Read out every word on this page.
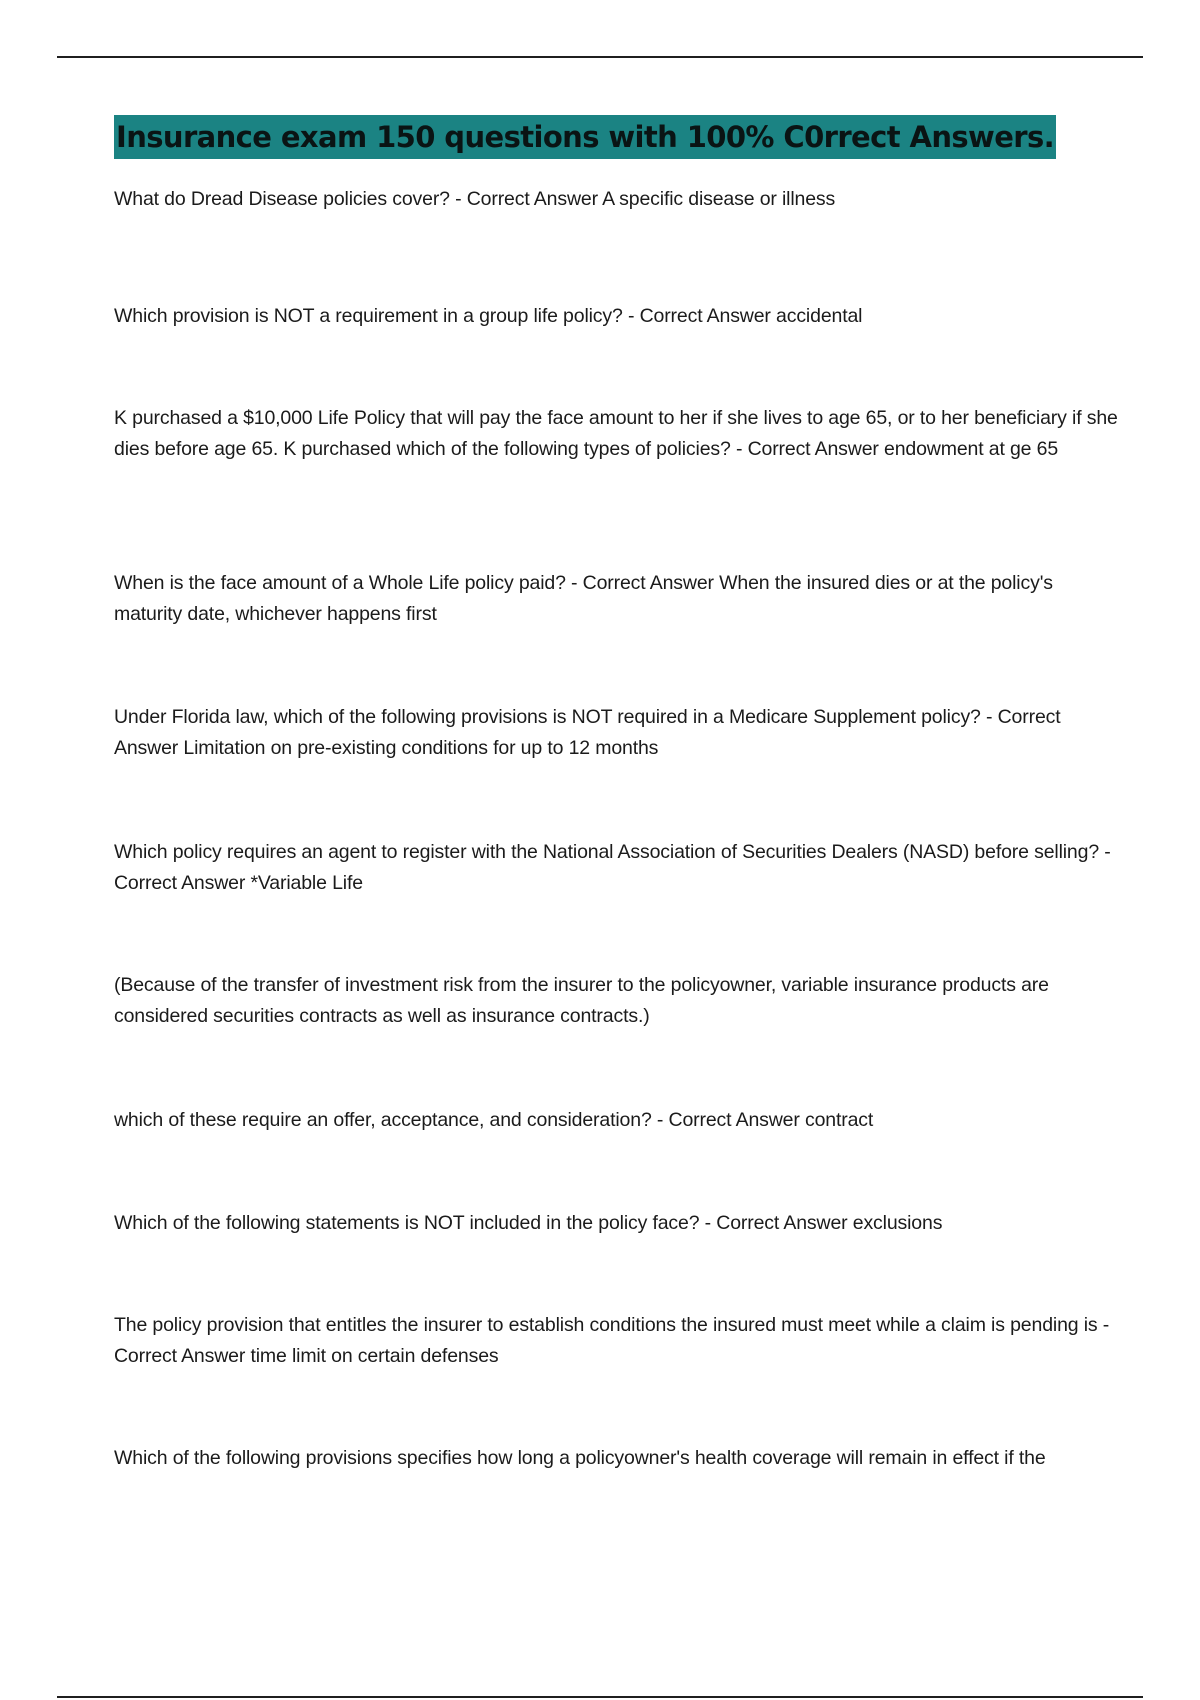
Insurance exam 150 questions with 100% C0rrect Answers.

What do Dread Disease policies cover? - Correct Answer A specific disease or illness

Which provision is NOT a requirement in a group life policy? - Correct Answer accidental

K purchased a $10,000 Life Policy that will pay the face amount to her if she lives to age 65, or to her beneficiary if she dies before age 65. K purchased which of the following types of policies? - Correct Answer endowment at ge 65

When is the face amount of a Whole Life policy paid? - Correct Answer When the insured dies or at the policy's maturity date, whichever happens first

Under Florida law, which of the following provisions is NOT required in a Medicare Supplement policy? - Correct Answer Limitation on pre-existing conditions for up to 12 months

Which policy requires an agent to register with the National Association of Securities Dealers (NASD) before selling? - Correct Answer *Variable Life

(Because of the transfer of investment risk from the insurer to the policyowner, variable insurance products are considered securities contracts as well as insurance contracts.)

which of these require an offer, acceptance, and consideration? - Correct Answer contract

Which of the following statements is NOT included in the policy face? - Correct Answer exclusions

The policy provision that entitles the insurer to establish conditions the insured must meet while a claim is pending is - Correct Answer time limit on certain defenses

Which of the following provisions specifies how long a policyowner's health coverage will remain in effect if the
